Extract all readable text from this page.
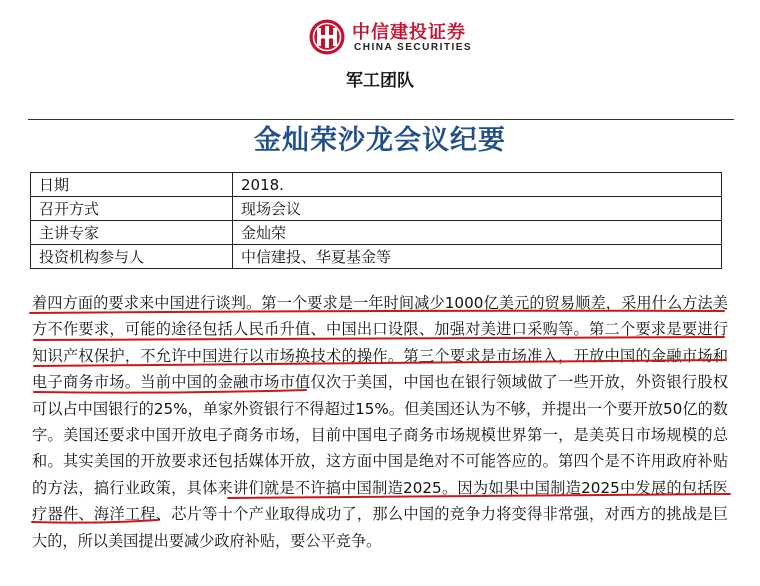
中信建投证券
CHINA SECURITIES
军工团队
金灿荣沙龙会议纪要
日期	2018.
召开方式	现场会议
主讲专家	金灿荣
投资机构参与人	中信建投、华夏基金等
着四方面的要求来中国进行谈判。第一个要求是一年时间减少1000亿美元的贸易顺差，采用什么方法美方不作要求，可能的途径包括人民币升值、中国出口设限、加强对美进口采购等。第二个要求是要进行知识产权保护，不允许中国进行以市场换技术的操作。第三个要求是市场准入，开放中国的金融市场和电子商务市场。当前中国的金融市场市值仅次于美国，中国也在银行领域做了一些开放，外资银行股权可以占中国银行的25%，单家外资银行不得超过15%。但美国还认为不够，并提出一个要开放50亿的数字。美国还要求中国开放电子商务市场，目前中国电子商务市场规模世界第一，是美英日市场规模的总和。其实美国的开放要求还包括媒体开放，这方面中国是绝对不可能答应的。第四个是不许用政府补贴的方法，搞行业政策，具体来讲们就是不许搞中国制造2025。因为如果中国制造2025中发展的包括医疗器件、海洋工程、芯片等十个产业取得成功了，那么中国的竞争力将变得非常强，对西方的挑战是巨大的，所以美国提出要减少政府补贴，要公平竞争。
